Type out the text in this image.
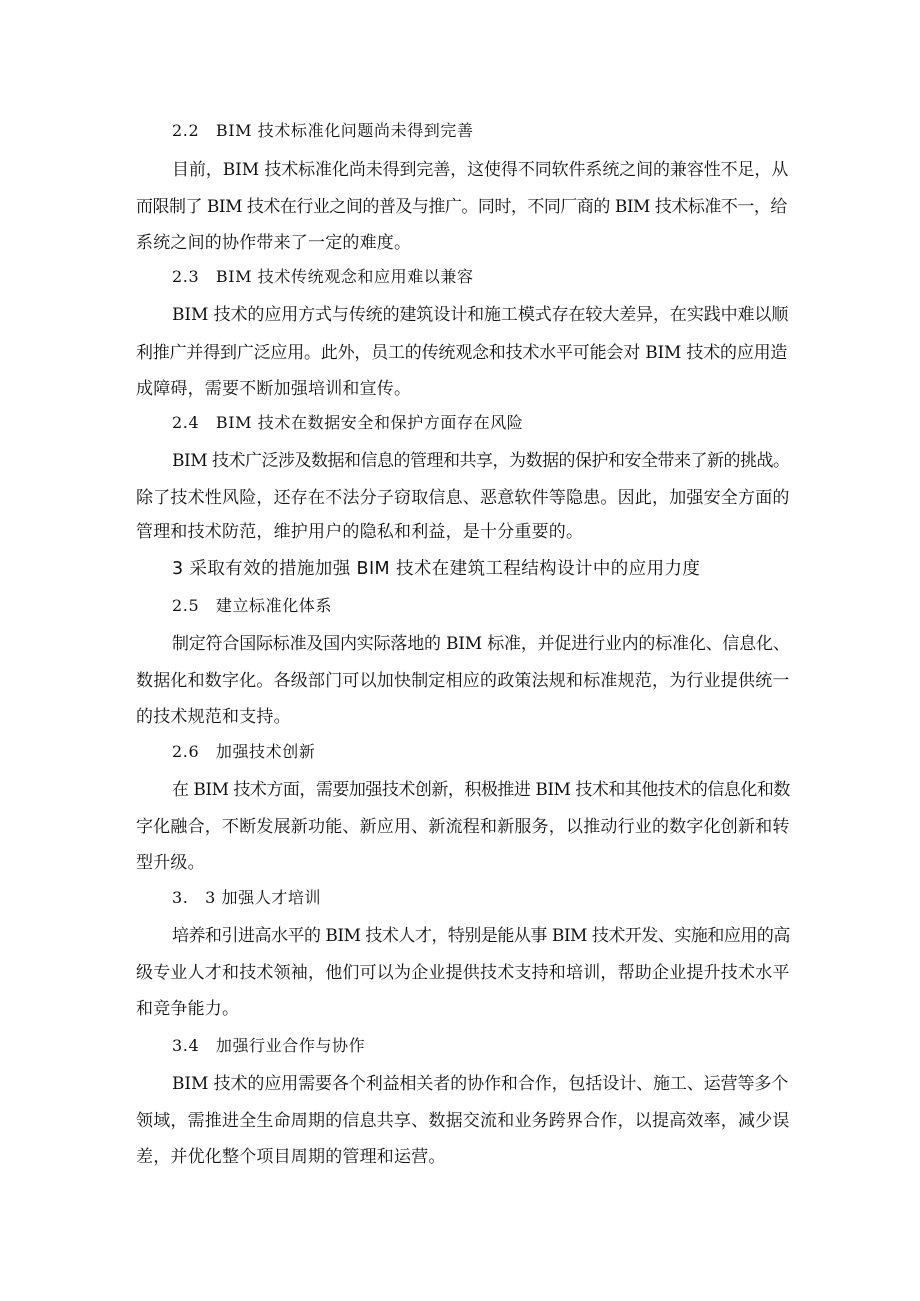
2.2　BIM 技术标准化问题尚未得到完善

目前，BIM 技术标准化尚未得到完善，这使得不同软件系统之间的兼容性不足，从

而限制了 BIM 技术在行业之间的普及与推广。同时，不同厂商的 BIM 技术标准不一，给

系统之间的协作带来了一定的难度。

2.3　BIM 技术传统观念和应用难以兼容

BIM 技术的应用方式与传统的建筑设计和施工模式存在较大差异，在实践中难以顺

利推广并得到广泛应用。此外，员工的传统观念和技术水平可能会对 BIM 技术的应用造

成障碍，需要不断加强培训和宣传。

2.4　BIM 技术在数据安全和保护方面存在风险

BIM 技术广泛涉及数据和信息的管理和共享，为数据的保护和安全带来了新的挑战。

除了技术性风险，还存在不法分子窃取信息、恶意软件等隐患。因此，加强安全方面的

管理和技术防范，维护用户的隐私和利益，是十分重要的。

3 采取有效的措施加强 BIM 技术在建筑工程结构设计中的应用力度

2.5　建立标准化体系

制定符合国际标准及国内实际落地的 BIM 标准，并促进行业内的标准化、信息化、

数据化和数字化。各级部门可以加快制定相应的政策法规和标准规范，为行业提供统一

的技术规范和支持。

2.6　加强技术创新

在 BIM 技术方面，需要加强技术创新，积极推进 BIM 技术和其他技术的信息化和数

字化融合，不断发展新功能、新应用、新流程和新服务，以推动行业的数字化创新和转

型升级。

3.　3 加强人才培训

培养和引进高水平的 BIM 技术人才，特别是能从事 BIM 技术开发、实施和应用的高

级专业人才和技术领袖，他们可以为企业提供技术支持和培训，帮助企业提升技术水平

和竞争能力。

3.4　加强行业合作与协作

BIM 技术的应用需要各个利益相关者的协作和合作，包括设计、施工、运营等多个

领域，需推进全生命周期的信息共享、数据交流和业务跨界合作，以提高效率，减少误

差，并优化整个项目周期的管理和运营。
